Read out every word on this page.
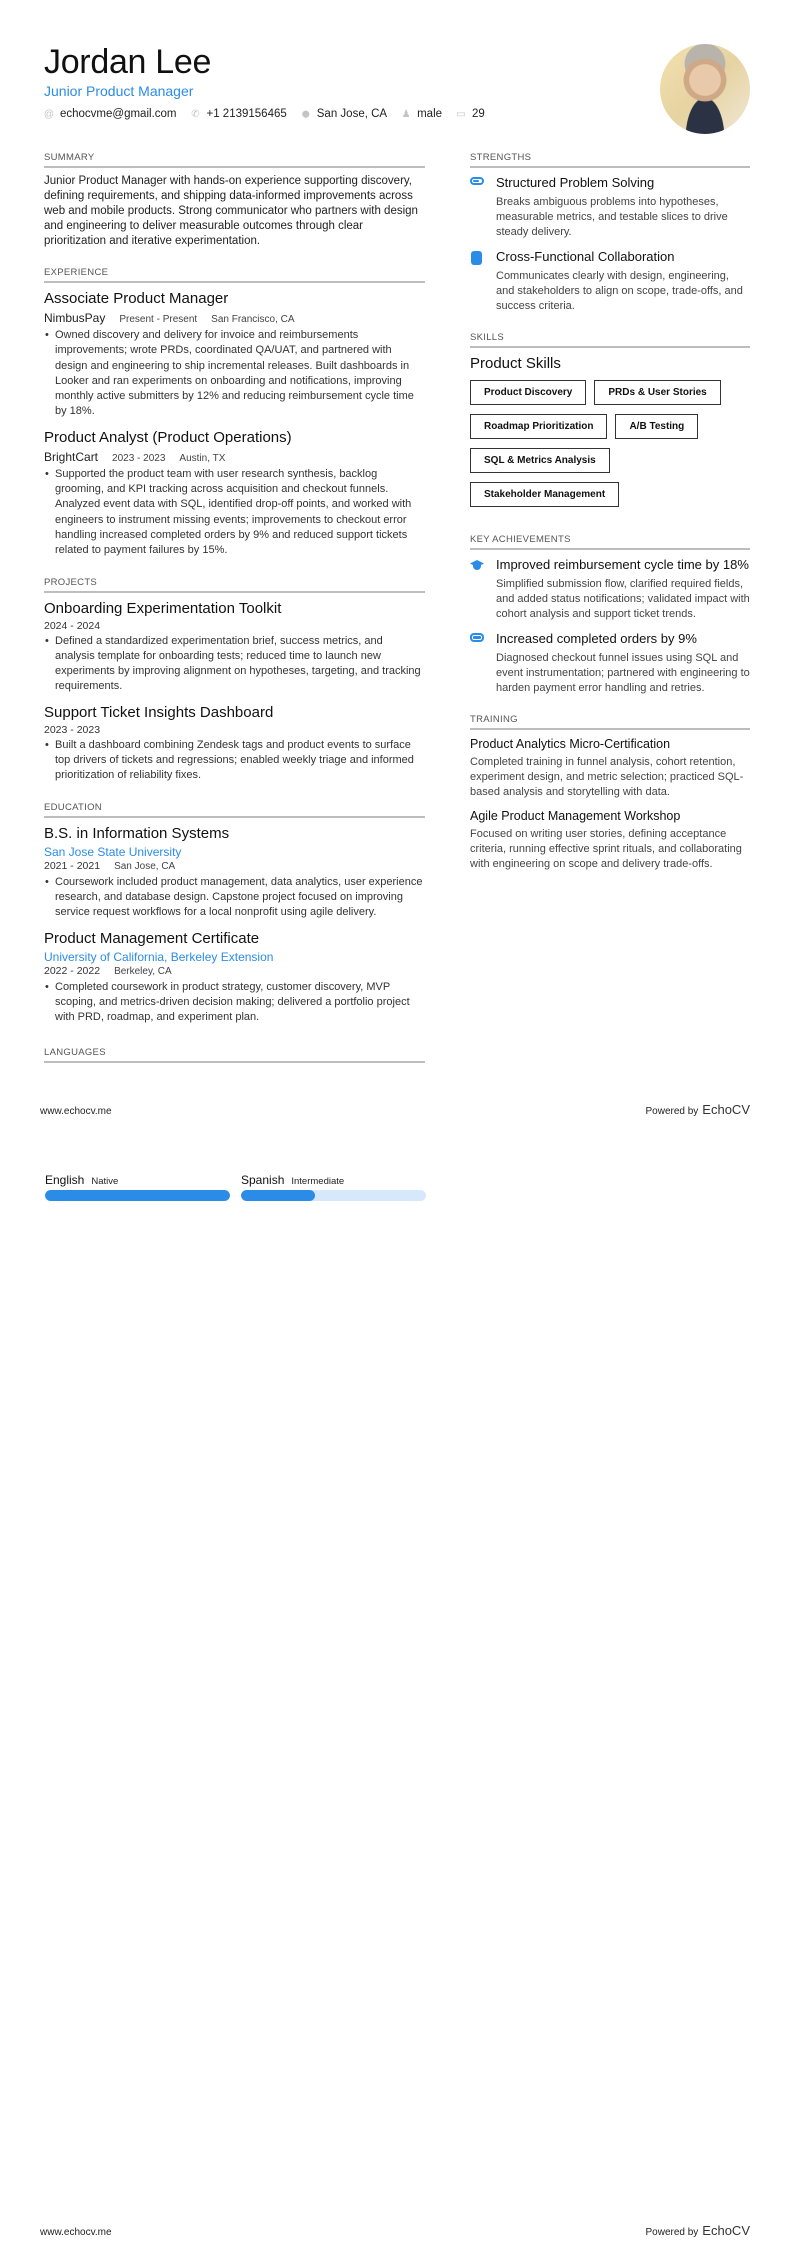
Jordan Lee
Junior Product Manager
@ echocvme@gmail.com ✆ +1 2139156465 ⬤ San Jose, CA ♟ male ▭ 29
SUMMARY

Junior Product Manager with hands-on experience supporting discovery, defining requirements, and shipping data-informed improvements across web and mobile products. Strong communicator who partners with design and engineering to deliver measurable outcomes through clear prioritization and iterative experimentation.

EXPERIENCE
Associate Product Manager
NimbusPay Present - Present San Francisco, CA
• Owned discovery and delivery for invoice and reimbursements improvements; wrote PRDs, coordinated QA/UAT, and partnered with design and engineering to ship incremental releases. Built dashboards in Looker and ran experiments on onboarding and notifications, improving monthly active submitters by 12% and reducing reimbursement cycle time by 18%.
Product Analyst (Product Operations)
BrightCart 2023 - 2023 Austin, TX
• Supported the product team with user research synthesis, backlog grooming, and KPI tracking across acquisition and checkout funnels. Analyzed event data with SQL, identified drop-off points, and worked with engineers to instrument missing events; improvements to checkout error handling increased completed orders by 9% and reduced support tickets related to payment failures by 15%.
PROJECTS
Onboarding Experimentation Toolkit
2024 - 2024
• Defined a standardized experimentation brief, success metrics, and analysis template for onboarding tests; reduced time to launch new experiments by improving alignment on hypotheses, targeting, and tracking requirements.
Support Ticket Insights Dashboard
2023 - 2023
• Built a dashboard combining Zendesk tags and product events to surface top drivers of tickets and regressions; enabled weekly triage and informed prioritization of reliability fixes.
EDUCATION
B.S. in Information Systems
San Jose State University
2021 - 2021 San Jose, CA
• Coursework included product management, data analytics, user experience research, and database design. Capstone project focused on improving service request workflows for a local nonprofit using agile delivery.
Product Management Certificate
University of California, Berkeley Extension
2022 - 2022 Berkeley, CA
• Completed coursework in product strategy, customer discovery, MVP scoping, and metrics-driven decision making; delivered a portfolio project with PRD, roadmap, and experiment plan.
LANGUAGES
STRENGTHS
Structured Problem Solving
Breaks ambiguous problems into hypotheses, measurable metrics, and testable slices to drive steady delivery.
Cross-Functional Collaboration
Communicates clearly with design, engineering, and stakeholders to align on scope, trade-offs, and success criteria.
SKILLS
Product Skills
Product Discovery	PRDs & User Stories
Roadmap Prioritization	A/B Testing
SQL & Metrics Analysis
Stakeholder Management
KEY ACHIEVEMENTS
Improved reimbursement cycle time by 18%
Simplified submission flow, clarified required fields, and added status notifications; validated impact with cohort analysis and support ticket trends.
Increased completed orders by 9%
Diagnosed checkout funnel issues using SQL and event instrumentation; partnered with engineering to harden payment error handling and retries.
TRAINING
Product Analytics Micro-Certification
Completed training in funnel analysis, cohort retention, experiment design, and metric selection; practiced SQL-based analysis and storytelling with data.
Agile Product Management Workshop
Focused on writing user stories, defining acceptance criteria, running effective sprint rituals, and collaborating with engineering on scope and delivery trade-offs.
www.echocv.me	Powered by EchoCV
English Native	Spanish Intermediate
www.echocv.me	Powered by EchoCV
